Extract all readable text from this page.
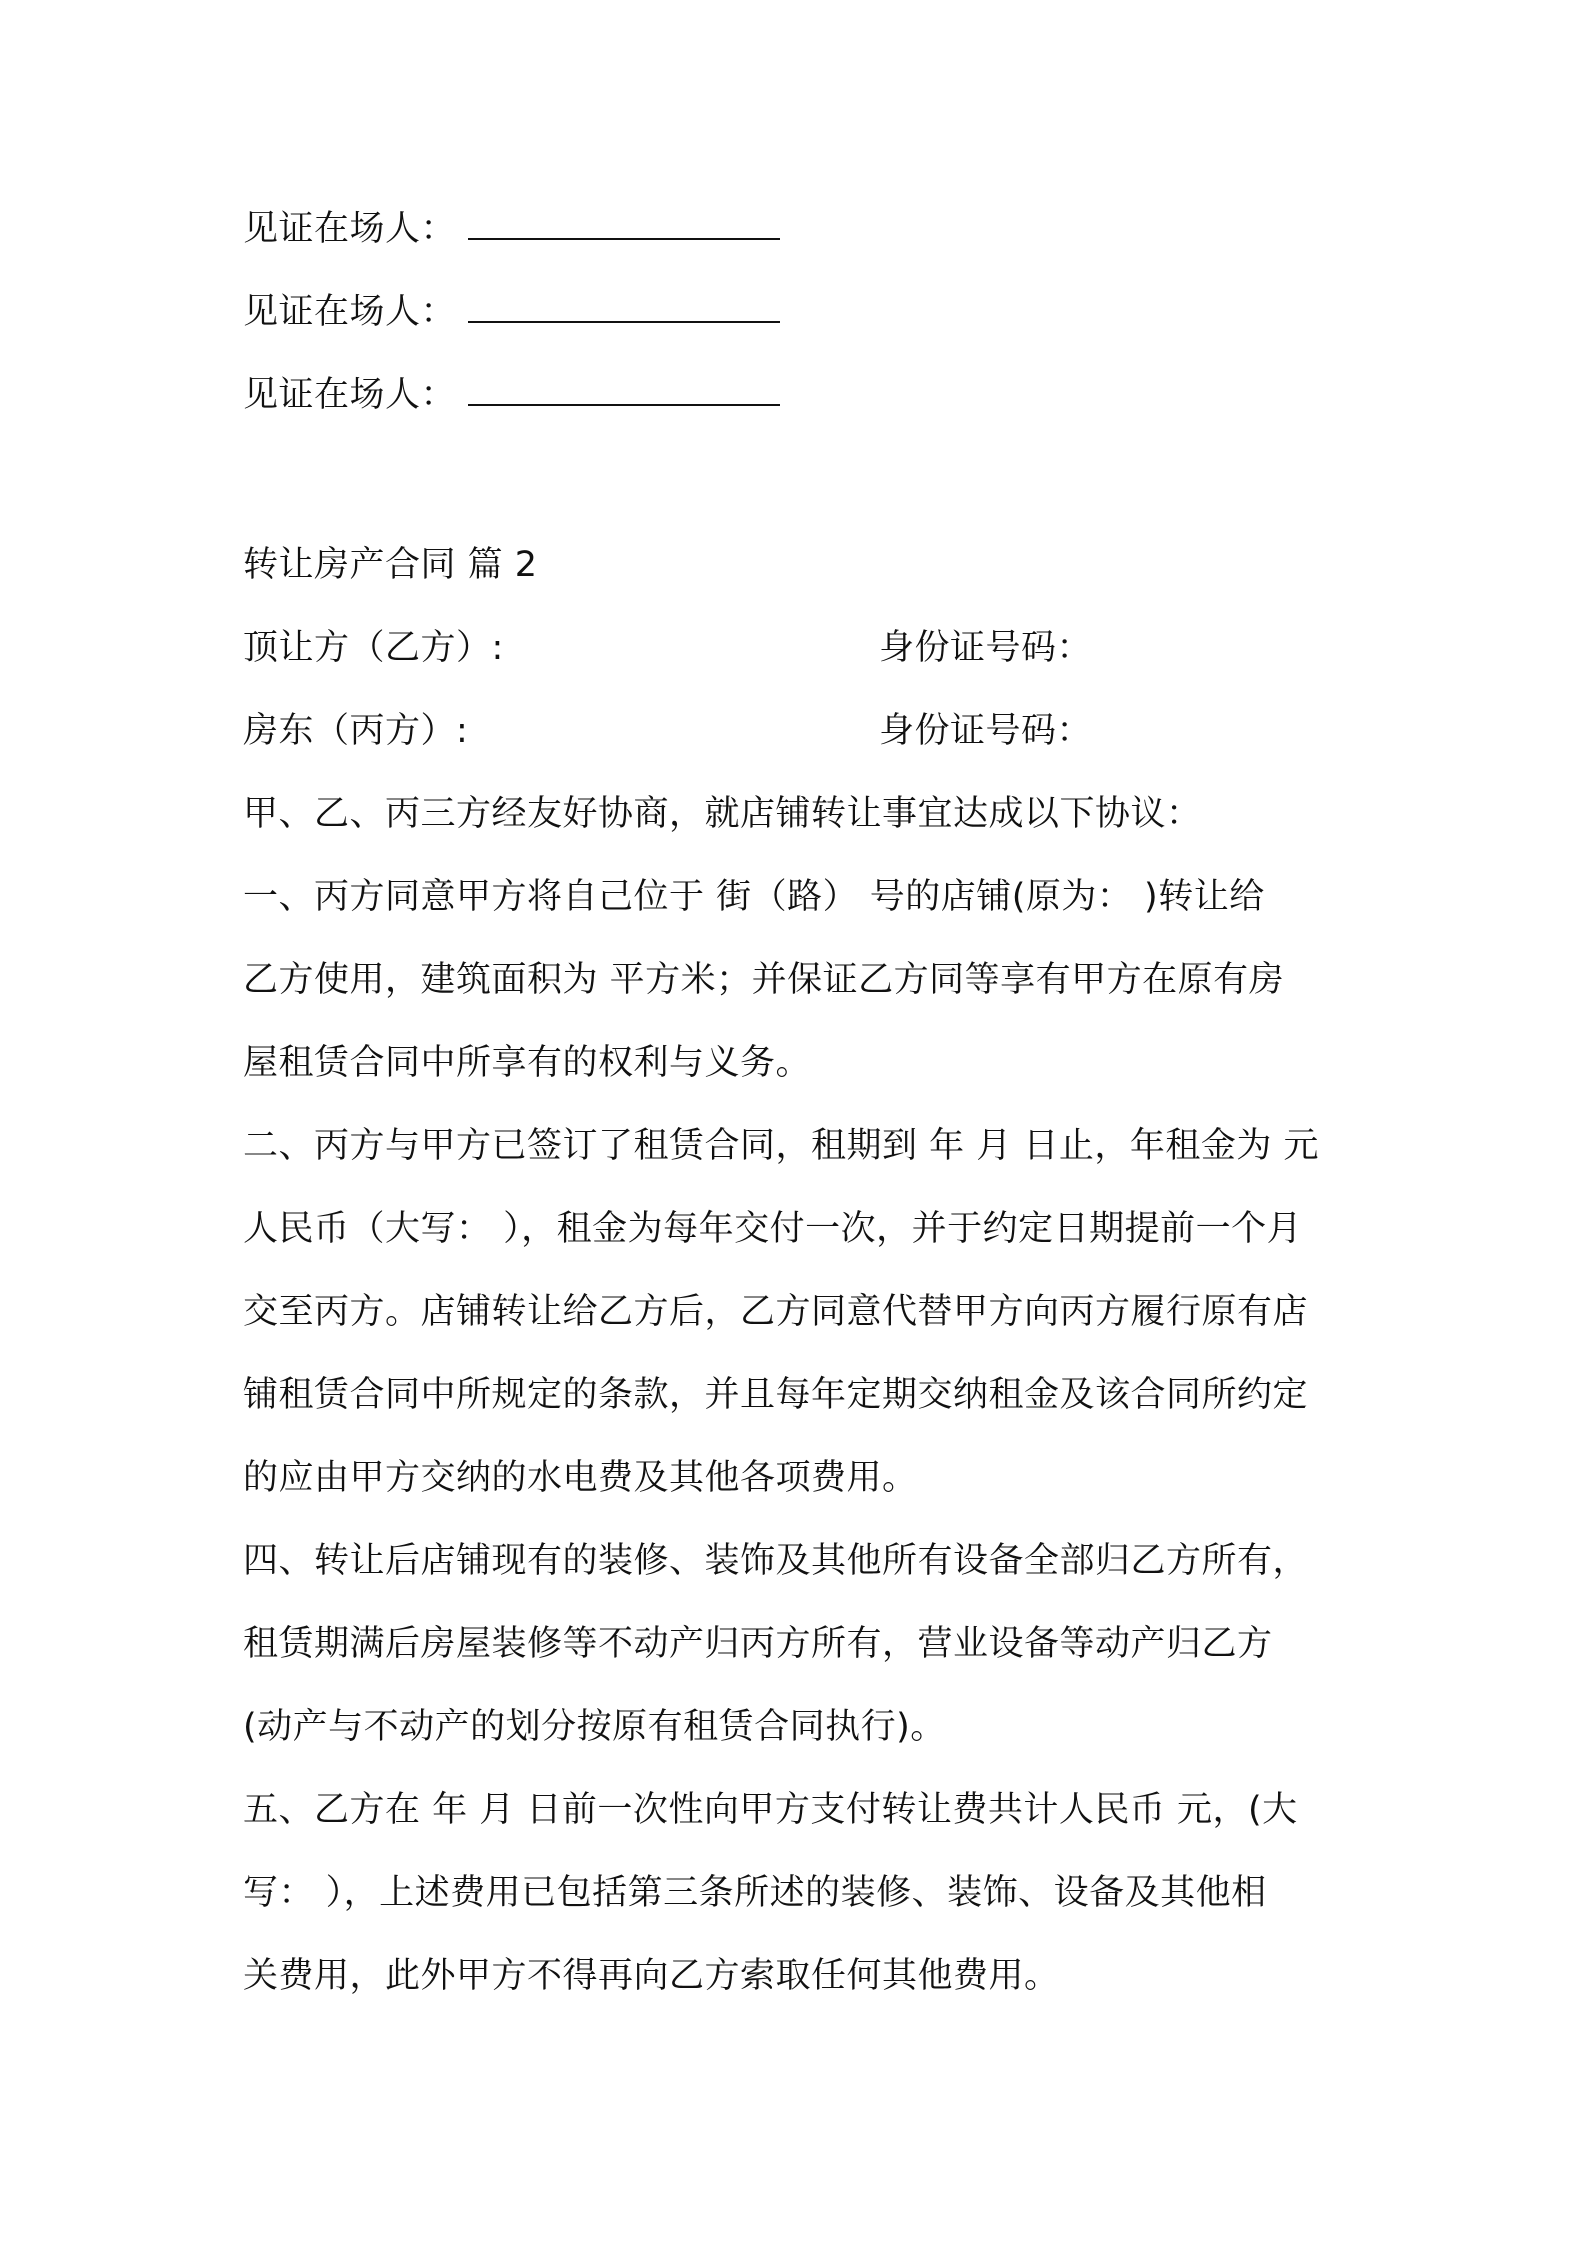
见证在场人：
见证在场人：
见证在场人：
转让房产合同 篇 2
顶让方（乙方）:	身份证号码：
房东（丙方）:	身份证号码：
甲、乙、丙三方经友好协商，就店铺转让事宜达成以下协议：
一、丙方同意甲方将自己位于 街（路） 号的店铺(原为： )转让给
乙方使用，建筑面积为 平方米；并保证乙方同等享有甲方在原有房
屋租赁合同中所享有的权利与义务。
二、丙方与甲方已签订了租赁合同，租期到 年 月 日止，年租金为 元
人民币（大写： ），租金为每年交付一次，并于约定日期提前一个月
交至丙方。店铺转让给乙方后，乙方同意代替甲方向丙方履行原有店
铺租赁合同中所规定的条款，并且每年定期交纳租金及该合同所约定
的应由甲方交纳的水电费及其他各项费用。
四、转让后店铺现有的装修、装饰及其他所有设备全部归乙方所有，
租赁期满后房屋装修等不动产归丙方所有，营业设备等动产归乙方
(动产与不动产的划分按原有租赁合同执行)。
五、乙方在 年 月 日前一次性向甲方支付转让费共计人民币 元，(大
写： ），上述费用已包括第三条所述的装修、装饰、设备及其他相
关费用，此外甲方不得再向乙方索取任何其他费用。
